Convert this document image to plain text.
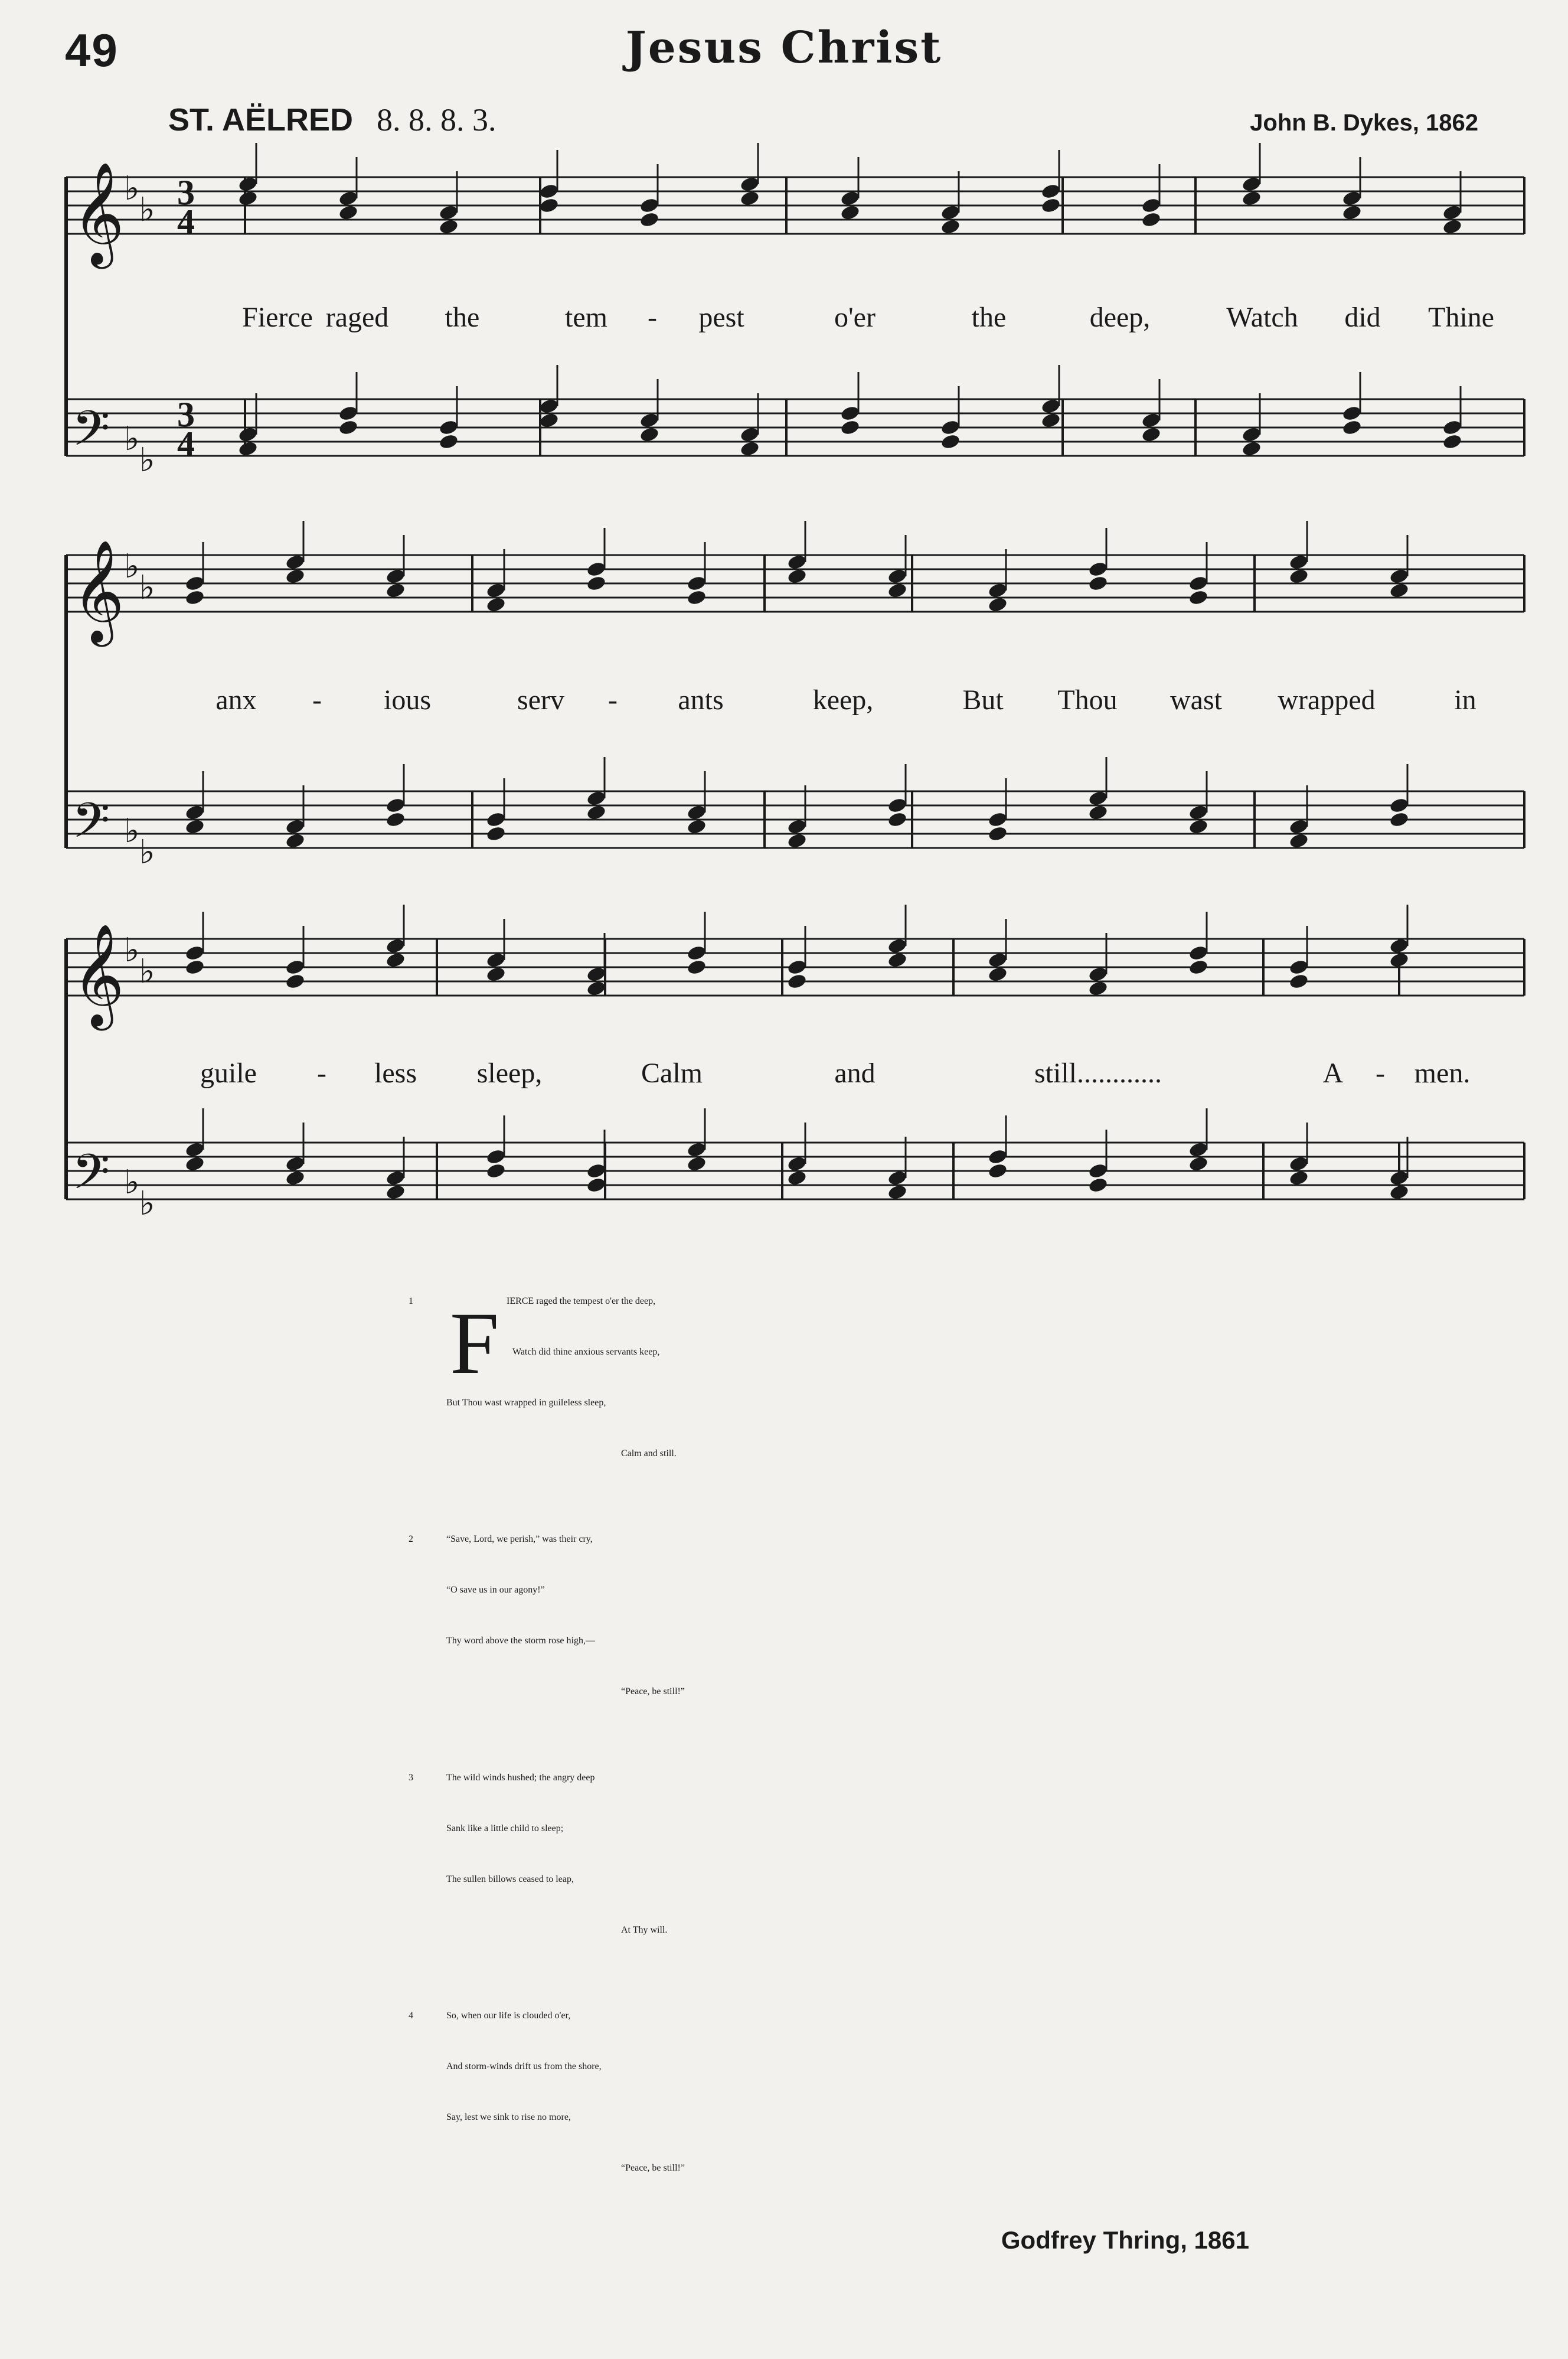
49	Jesus Christ
ST. AËLRED 8. 8. 8. 3.	John B. Dykes, 1862
𝄞 ♭
♭
𝄢 ♭
♭
𝄞 ♭
♭
𝄢 ♭
♭
𝄞 ♭
♭
𝄢 ♭
♭
3
4
3
4
Fierce raged the	tem - pest	o'er	the	deep,	Watch did Thine
anx - ious	serv - ants	keep,	But Thou wast wrapped	in
guile - less sleep,	Calm	and	still............	A - men.
F
1	IERCE raged the tempest o'er the deep,
Watch did thine anxious servants keep,
But Thou wast wrapped in guileless sleep,
Calm and still.
2	“Save, Lord, we perish,” was their cry,
“O save us in our agony!”
Thy word above the storm rose high,—
“Peace, be still!”
3	The wild winds hushed; the angry deep
Sank like a little child to sleep;
The sullen billows ceased to leap,
At Thy will.
4	So, when our life is clouded o'er,
And storm-winds drift us from the shore,
Say, lest we sink to rise no more,
“Peace, be still!”
Godfrey Thring, 1861
